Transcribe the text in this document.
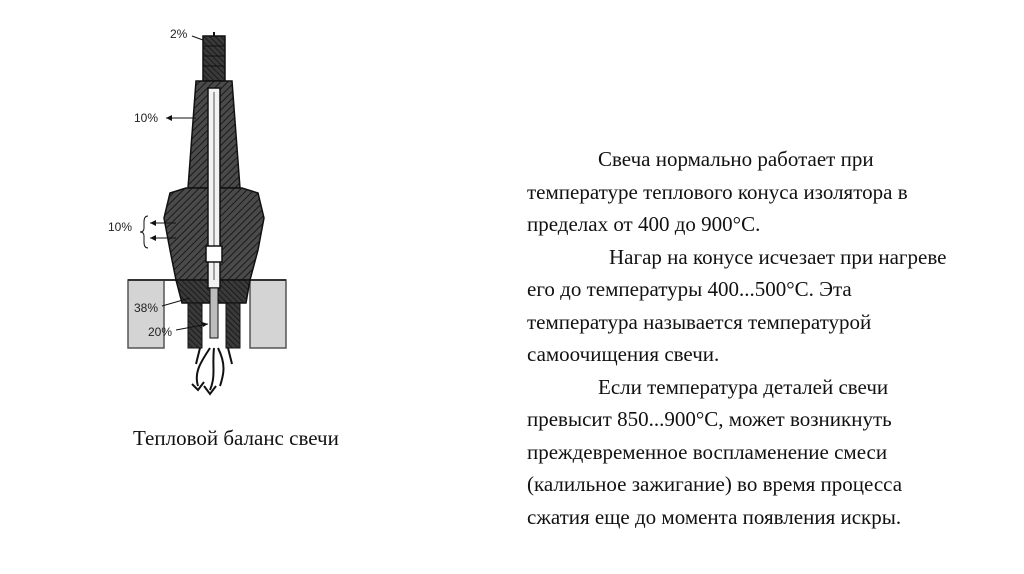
2%
10%
10%
38%
20%
Тепловой баланс свечи
Свеча нормально работает при
температуре теплового конуса изолятора в
пределах от 400 до 900°С.
Нагар на конусе исчезает при нагреве
его до температуры 400...500°С. Эта
температура называется температурой
самоочищения свечи.
Если температура деталей свечи
превысит 850...900°С, может возникнуть
преждевременное воспламенение смеси
(калильное зажигание) во время процесса
сжатия еще до момента появления искры.
